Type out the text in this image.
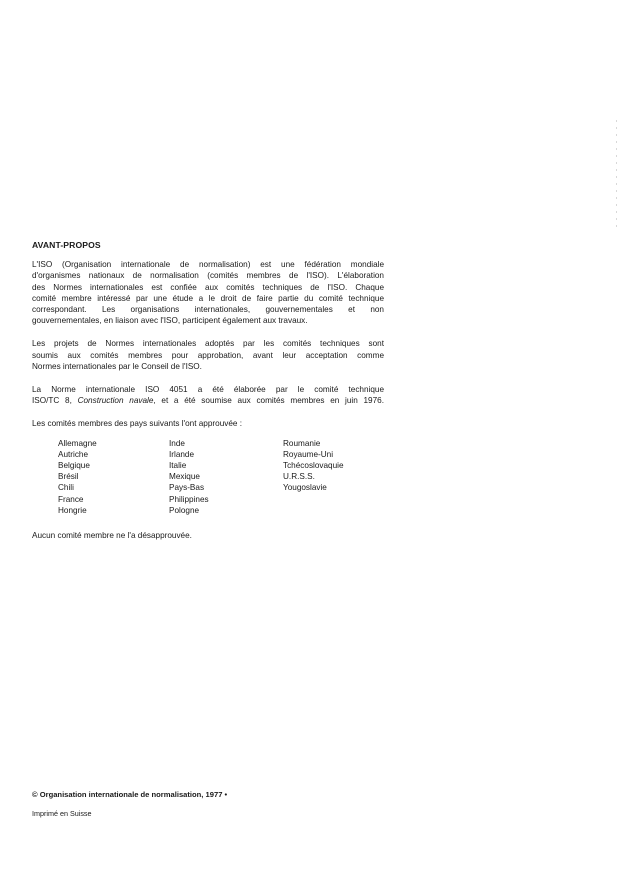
AVANT-PROPOS
L'ISO (Organisation internationale de normalisation) est une fédération mondiale
d'organismes nationaux de normalisation (comités membres de l'ISO). L'élaboration
des Normes internationales est confiée aux comités techniques de l'ISO. Chaque
comité membre intéressé par une étude a le droit de faire partie du comité technique
correspondant. Les organisations internationales, gouvernementales et non
gouvernementales, en liaison avec l'ISO, participent également aux travaux.
Les projets de Normes internationales adoptés par les comités techniques sont
soumis aux comités membres pour approbation, avant leur acceptation comme
Normes internationales par le Conseil de l'ISO.
La Norme internationale ISO 4051 a été élaborée par le comité technique
ISO/TC 8, Construction navale, et a été soumise aux comités membres en juin 1976.
Les comités membres des pays suivants l'ont approuvée :
Allemagne
Autriche
Belgique
Brésil
Chili
France
Hongrie
Inde
Irlande
Italie
Mexique
Pays-Bas
Philippines
Pologne
Roumanie
Royaume-Uni
Tchécoslovaquie
U.R.S.S.
Yougoslavie
Aucun comité membre ne l'a désapprouvée.
© Organisation internationale de normalisation, 1977 •
Imprimé en Suisse
